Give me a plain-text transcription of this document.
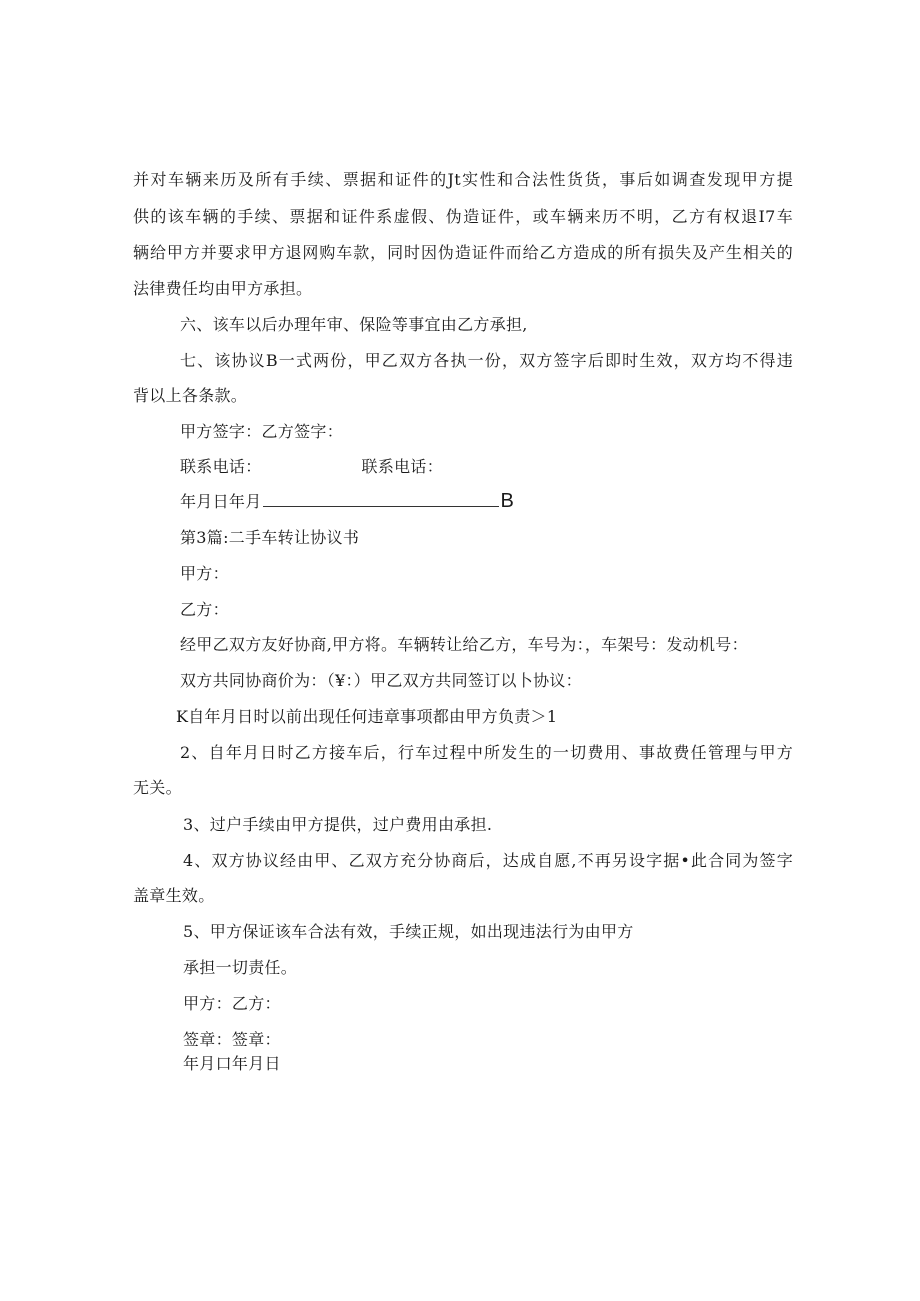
并对车辆来历及所有手续、票据和证件的Jt实性和合法性货货，事后如调查发现甲方提
供的该车辆的手续、票据和证件系虚假、伪造证件，或车辆来历不明，乙方有权退I7车
辆给甲方并要求甲方退网购车款，同时因伪造证件而给乙方造成的所有损失及产生相关的
法律费任均由甲方承担。
六、该车以后办理年审、保险等事宜由乙方承担,
七、该协议B一式两份，甲乙双方各执一份，双方签字后即时生效，双方均不得违
背以上各条款。
甲方签字：乙方签字：
联系电话：	联系电话：
年月日年月	B
第3篇:二手车转让协议书
甲方：
乙方：
经甲乙双方友好协商,甲方将。车辆转让给乙方，车号为：，车架号：发动机号：
双方共同协商价为：（¥：）甲乙双方共同签订以卜协议：
K自年月日时以前出现任何违章事项都由甲方负责＞1
2、自年月日时乙方接车后，行车过程中所发生的一切费用、事故费任管理与甲方
无关。
3、过户手续由甲方提供，过户费用由承担.
4、双方协议经由甲、乙双方充分协商后，达成自愿,不再另设字据•此合同为签字
盖章生效。
5、甲方保证该车合法有效，手续正规，如出现违法行为由甲方
承担一切责任。
甲方：乙方：
签章：签章：
年月口年月日
